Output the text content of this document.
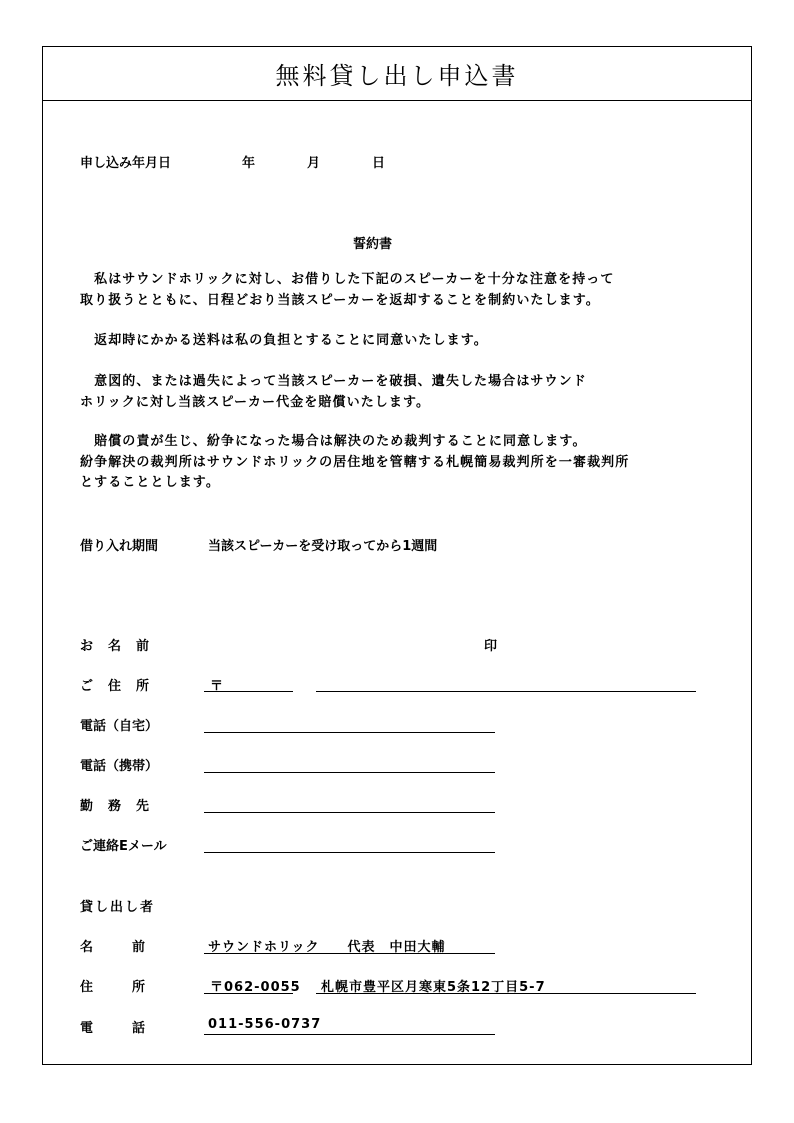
無料貸し出し申込書
申し込み年月日	年	月	日
誓約書

　私はサウンドホリックに対し、お借りした下記のスピーカーを十分な注意を持って

取り扱うとともに、日程どおり当該スピーカーを返却することを制約いたします。

　返却時にかかる送料は私の負担とすることに同意いたします。

　意図的、または過失によって当該スピーカーを破損、遺失した場合はサウンド

ホリックに対し当該スピーカー代金を賠償いたします。

　賠償の責が生じ、紛争になった場合は解決のため裁判することに同意します。

紛争解決の裁判所はサウンドホリックの居住地を管轄する札幌簡易裁判所を一審裁判所

とすることとします。

借り入れ期間	当該スピーカーを受け取ってから1週間
お　名　前	印
ご　住　所	〒
電話（自宅）
電話（携帯）
勤　務　先
ご連絡Eメール
貸し出し者
名　　　前	サウンドホリック　　代表　中田大輔
住　　　所	〒062-0055 札幌市豊平区月寒東5条12丁目5-7
電　　　話	011-556-0737
